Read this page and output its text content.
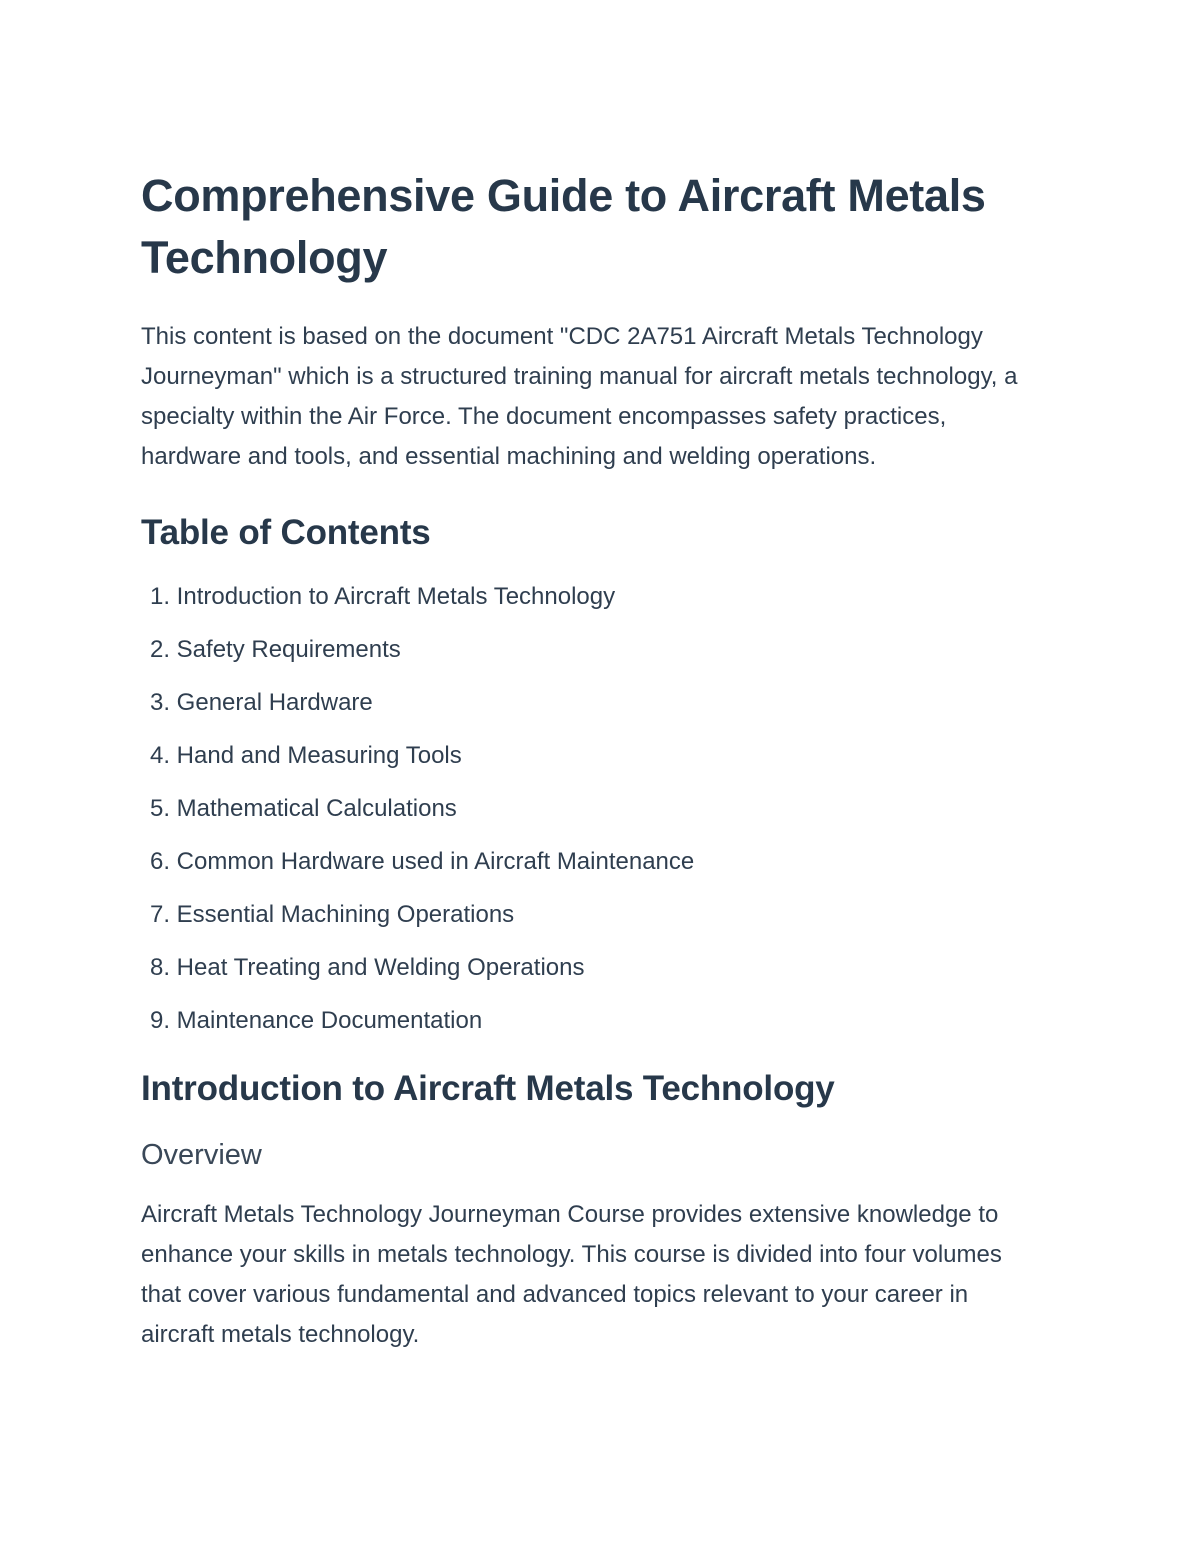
Comprehensive Guide to Aircraft Metals Technology

This content is based on the document "CDC 2A751 Aircraft Metals Technology Journeyman" which is a structured training manual for aircraft metals technology, a specialty within the Air Force. The document encompasses safety practices, hardware and tools, and essential machining and welding operations.

Table of Contents
1. Introduction to Aircraft Metals Technology
2. Safety Requirements
3. General Hardware
4. Hand and Measuring Tools
5. Mathematical Calculations
6. Common Hardware used in Aircraft Maintenance
7. Essential Machining Operations
8. Heat Treating and Welding Operations
9. Maintenance Documentation
Introduction to Aircraft Metals Technology
Overview

Aircraft Metals Technology Journeyman Course provides extensive knowledge to enhance your skills in metals technology. This course is divided into four volumes that cover various fundamental and advanced topics relevant to your career in aircraft metals technology.
